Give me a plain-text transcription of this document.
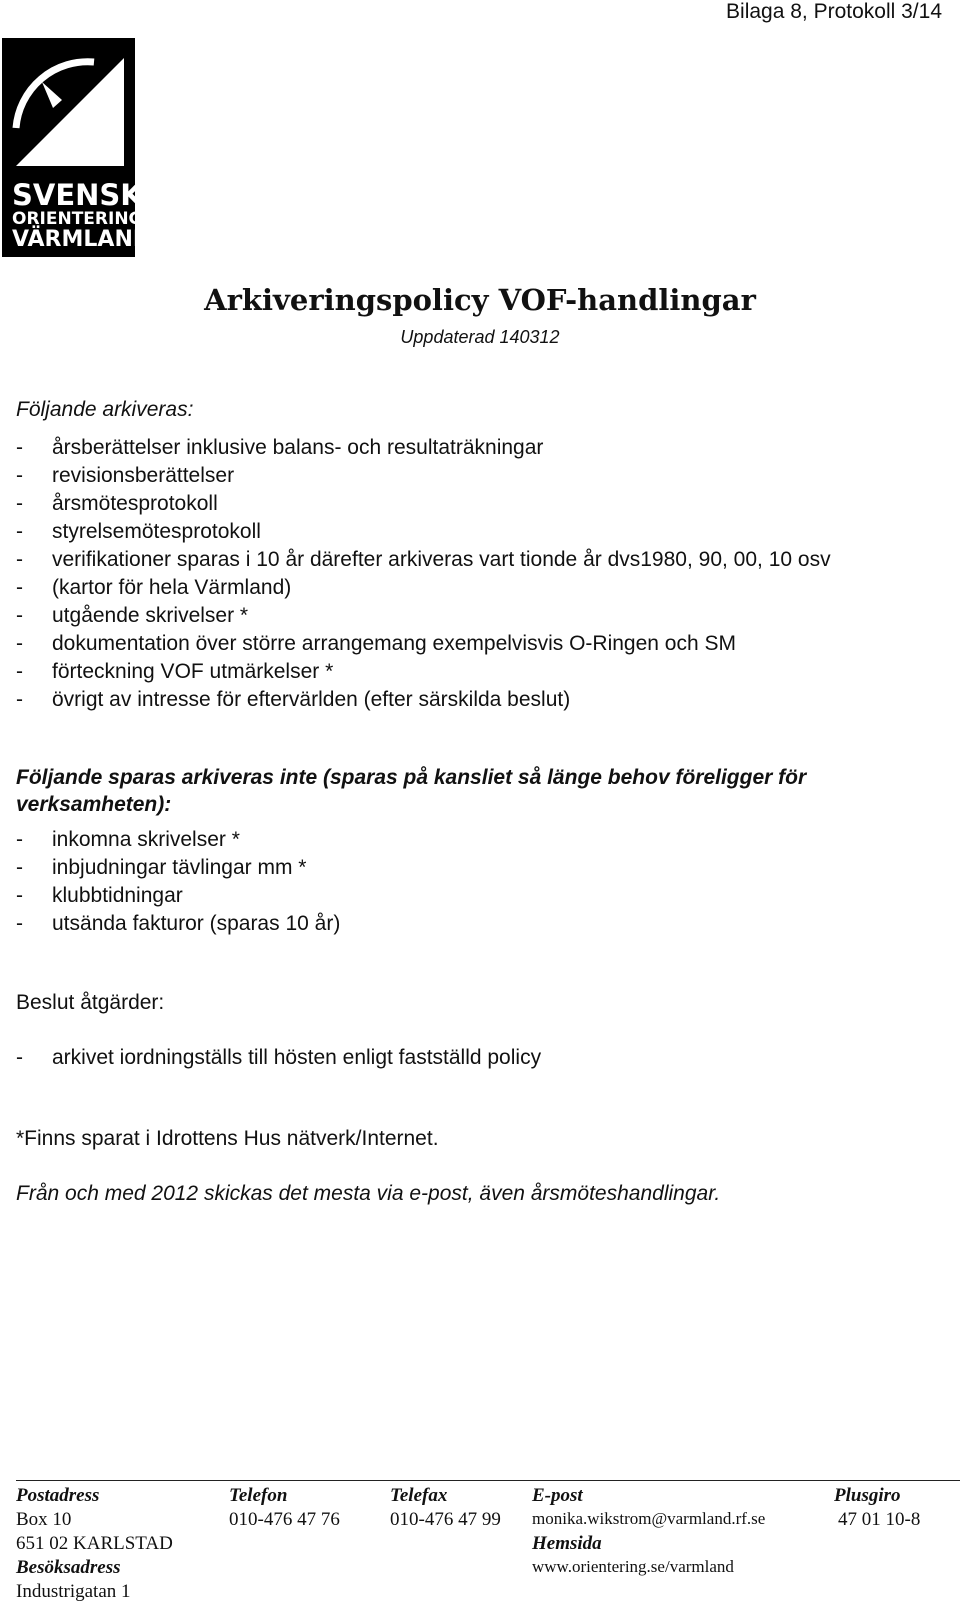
Bilaga 8, Protokoll 3/14
SVENSK
ORIENTERING
VÄRMLAND
Arkiveringspolicy VOF-handlingar
Uppdaterad 140312
Följande arkiveras:
- årsberättelser inklusive balans- och resultaträkningar
- revisionsberättelser
- årsmötesprotokoll
- styrelsemötesprotokoll
- verifikationer sparas i 10 år därefter arkiveras vart tionde år dvs1980, 90, 00, 10 osv
- (kartor för hela Värmland)
- utgående skrivelser *
- dokumentation över större arrangemang exempelvisvis O-Ringen och SM
- förteckning VOF utmärkelser *
- övrigt av intresse för eftervärlden (efter särskilda beslut)
Följande sparas arkiveras inte (sparas på kansliet så länge behov föreligger för
verksamheten):
- inkomna skrivelser *
- inbjudningar tävlingar mm *
- klubbtidningar
- utsända fakturor (sparas 10 år)
Beslut åtgärder:
- arkivet iordningställs till hösten enligt fastställd policy
*Finns sparat i Idrottens Hus nätverk/Internet.
Från och med 2012 skickas det mesta via e-post, även årsmöteshandlingar.
Postadress
Box 10
651 02 KARLSTAD
Besöksadress
Industrigatan 1
Telefon
010-476 47 76
Telefax
010-476 47 99
E-post
monika.wikstrom@varmland.rf.se
Hemsida
www.orientering.se/varmland
Plusgiro
47 01 10-8
